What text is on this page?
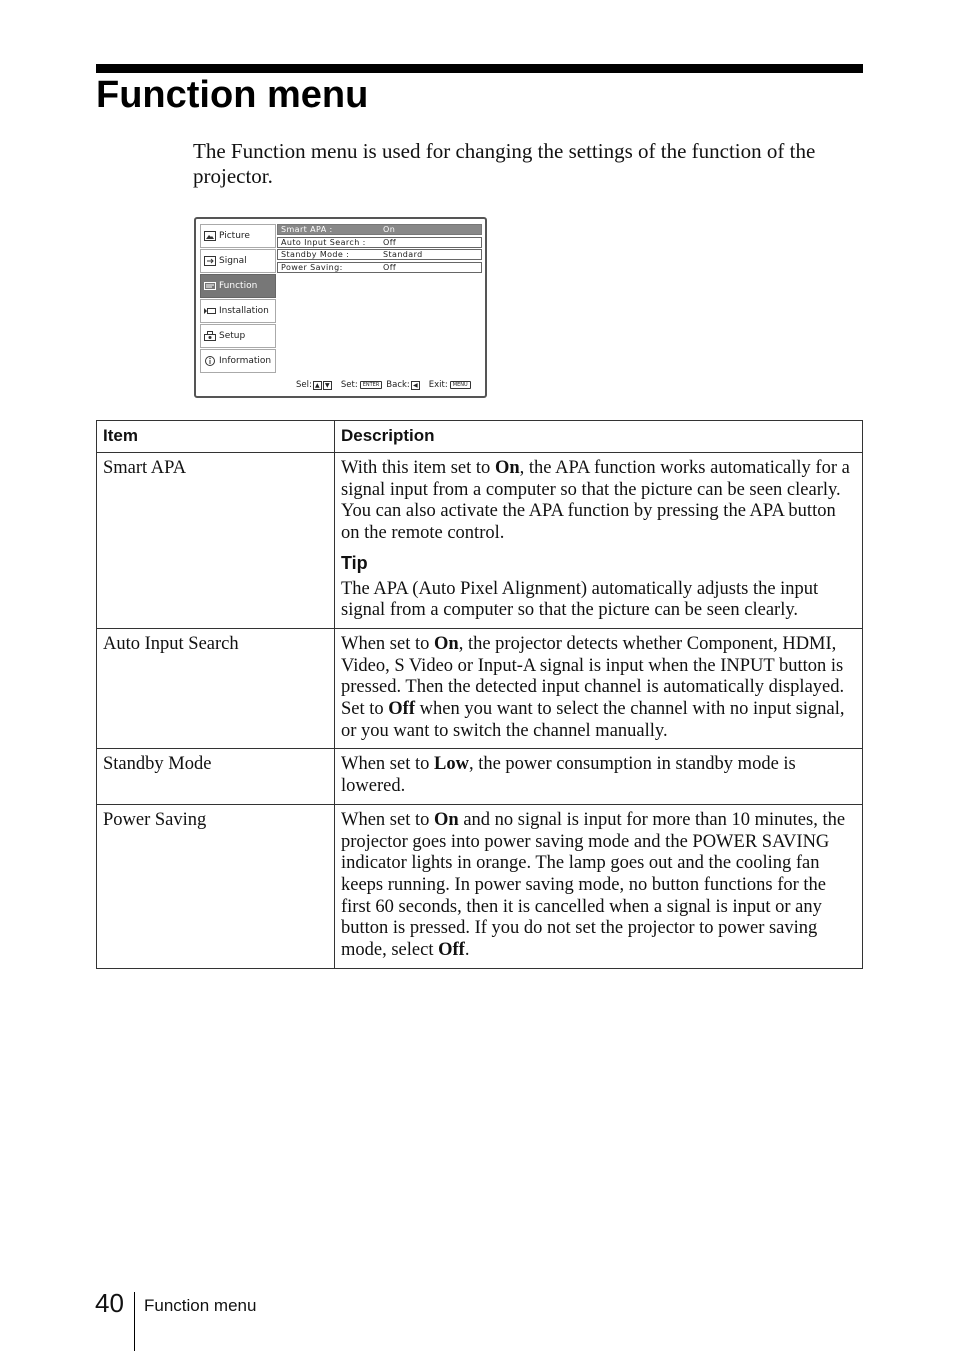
Function menu

The Function menu is used for changing the settings of the function of the projector.

Picture
Signal
Function
Installation
Setup
Information
Smart APA :	On
Auto Input Search :	Off
Standby Mode :	Standard
Power Saving:	Off
Sel: ▲ ▼ Set:	ENTER Back: ◀ Exit:	MENU
Item	Description
Smart APA	With this item set to On, the APA function works automatically for a signal input from a computer so that the picture can be seen clearly. You can also activate the APA function by pressing the APA button on the remote control.
Tip
The APA (Auto Pixel Alignment) automatically adjusts the input signal from a computer so that the picture can be seen clearly.

Auto Input Search	When set to On, the projector detects whether Component, HDMI, Video, S Video or Input-A signal is input when the INPUT button is pressed. Then the detected input channel is automatically displayed. Set to Off when you want to select the channel with no input signal, or you want to switch the channel manually.

Standby Mode	When set to Low, the power consumption in standby mode is lowered.

Power Saving	When set to On and no signal is input for more than 10 minutes, the projector goes into power saving mode and the POWER SAVING indicator lights in orange. The lamp goes out and the cooling fan keeps running. In power saving mode, no button functions for the first 60 seconds, then it is cancelled when a signal is input or any button is pressed. If you do not set the projector to power saving mode, select Off.
40 Function menu
